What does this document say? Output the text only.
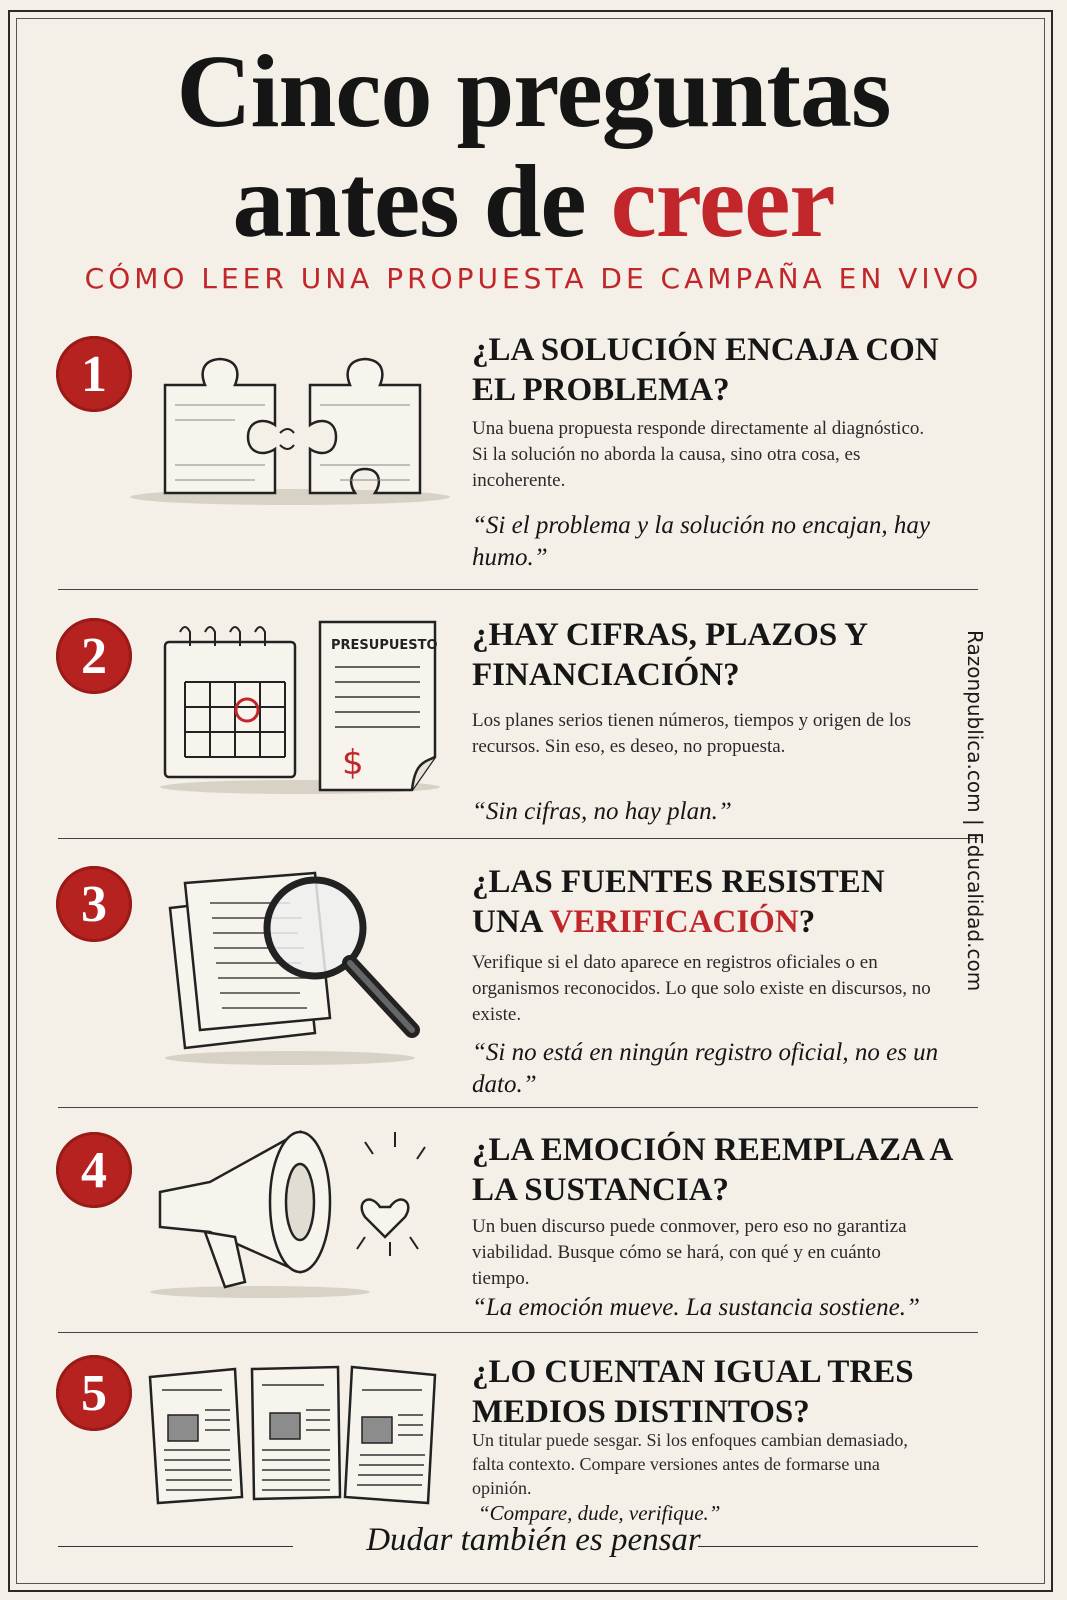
Cinco preguntas
antes de creer
CÓMO LEER UNA PROPUESTA DE CAMPAÑA EN VIVO
1	¿LA SOLUCIÓN ENCAJA CON EL PROBLEMA?
Una buena propuesta responde directamente al diagnóstico. Si la solución no aborda la causa, sino otra cosa, es incoherente.
“Si el problema y la solución no encajan, hay humo.”
2	PRESUPUESTO
$
¿HAY CIFRAS, PLAZOS Y FINANCIACIÓN?
Los planes serios tienen números, tiempos y origen de los recursos. Sin eso, es deseo, no propuesta.
“Sin cifras, no hay plan.”
3	¿LAS FUENTES RESISTEN UNA VERIFICACIÓN?
Verifique si el dato aparece en registros oficiales o en organismos reconocidos. Lo que solo existe en discursos, no existe.
“Si no está en ningún registro oficial, no es un dato.”
4	¿LA EMOCIÓN REEMPLAZA A LA SUSTANCIA?
Un buen discurso puede conmover, pero eso no garantiza viabilidad. Busque cómo se hará, con qué y en cuánto tiempo.
“La emoción mueve. La sustancia sostiene.”
5	¿LO CUENTAN IGUAL TRES MEDIOS DISTINTOS?
Un titular puede sesgar. Si los enfoques cambian demasiado, falta contexto. Compare versiones antes de formarse una opinión.
“Compare, dude, verifique.”
Dudar también es pensar
Razonpublica.com | Educalidad.com
